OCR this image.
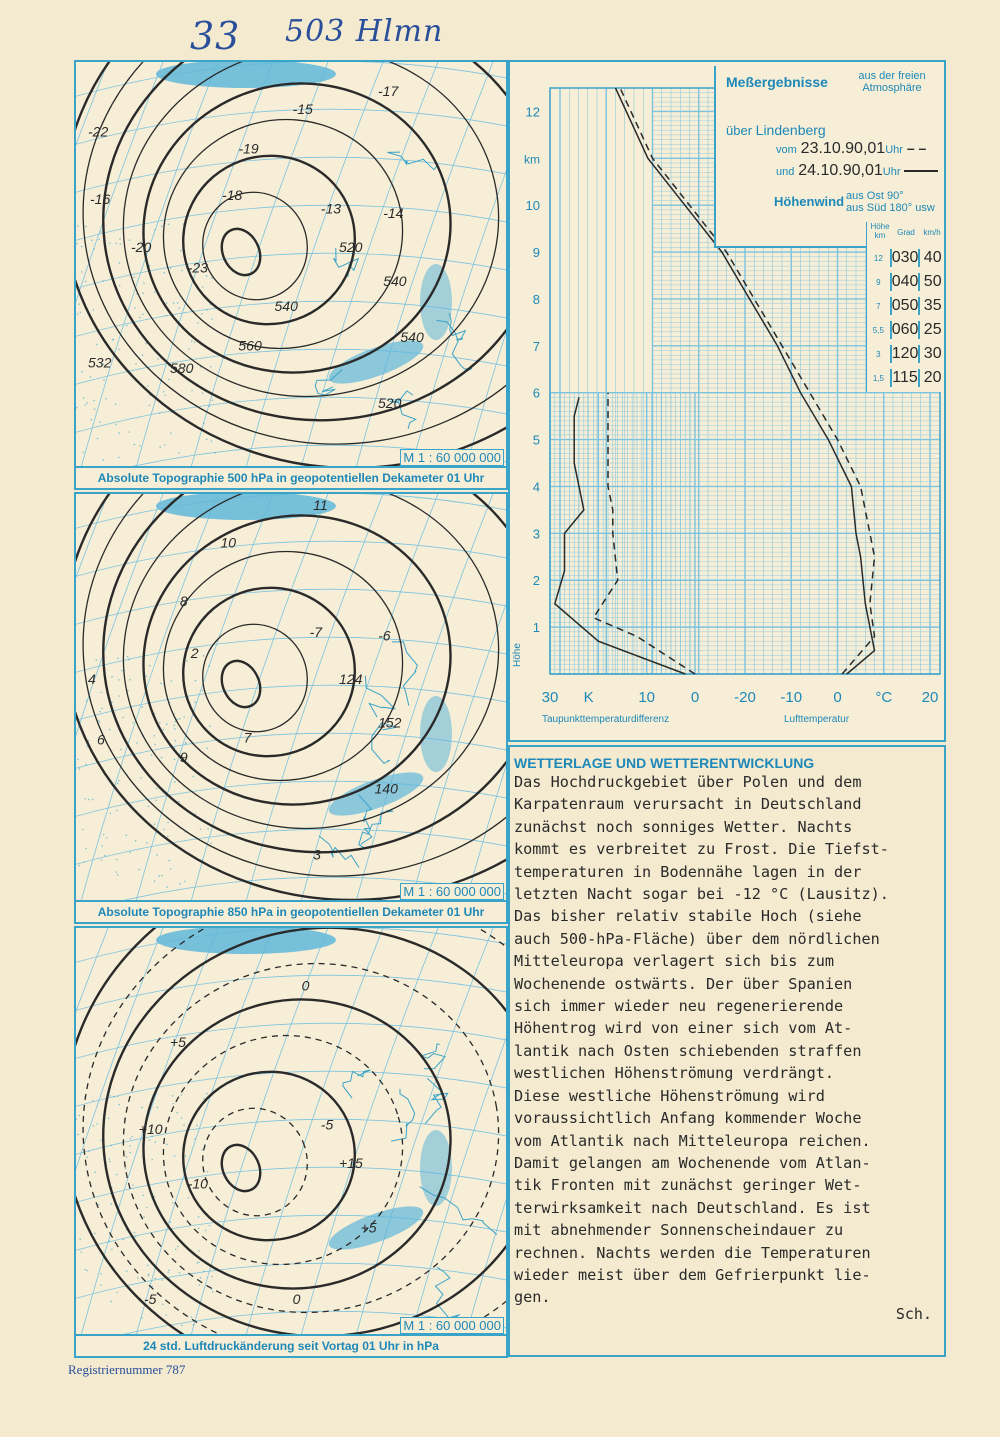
33 503 Hlmn
520
540
540
520
540
560
580
532
-23
-20
-16
-22
-18
-19
-15
-17
-13	-14
M 1 : 60 000 000
Absolute Topographie 500 hPa in geopotentiellen Dekameter 01 Uhr
124
152
140
3
7
9
6
4
2
8
10
11
-7	-6
M 1 : 60 000 000
Absolute Topographie 850 hPa in geopotentiellen Dekameter 01 Uhr
+15
+5
0
-5
-10
+10
+5
0
-5
M 1 : 60 000 000
24 std. Luftdruckänderung seit Vortag 01 Uhr in hPa
1
2
3
4
5
6
7
8
9
10
12
km
30 K	10 0 -20 -10 0 °C 20
Meßergebnisse	aus der freien
Atmosphäre
über Lindenberg
vom 23.10.90,01Uhr – –
und 24.10.90,01Uhr
Höhenwind aus Ost 90°
aus Süd 180° usw
Höhe km	Grad	km/h
12 030 40
9 040 50
7 050 35
5,5 060 25
3 120 30
1,5 115 20
Taupunkttemperaturdifferenz	Lufttemperatur
Höhe
WETTERLAGE UND WETTERENTWICKLUNG
Das Hochdruckgebiet über Polen und dem
Karpatenraum verursacht in Deutschland
zunächst noch sonniges Wetter. Nachts
kommt es verbreitet zu Frost. Die Tiefst-
temperaturen in Bodennähe lagen in der
letzten Nacht sogar bei -12 °C (Lausitz).
Das bisher relativ stabile Hoch (siehe
auch 500-hPa-Fläche) über dem nördlichen
Mitteleuropa verlagert sich bis zum
Wochenende ostwärts. Der über Spanien
sich immer wieder neu regenerierende
Höhentrog wird von einer sich vom At-
lantik nach Osten schiebenden straffen
westlichen Höhenströmung verdrängt.
Diese westliche Höhenströmung wird
voraussichtlich Anfang kommender Woche
vom Atlantik nach Mitteleuropa reichen.
Damit gelangen am Wochenende vom Atlan-
tik Fronten mit zunächst geringer Wet-
terwirksamkeit nach Deutschland. Es ist
mit abnehmender Sonnenscheindauer zu
rechnen. Nachts werden die Temperaturen
wieder meist über dem Gefrierpunkt lie-
gen.
Sch.
Registriernummer 787
